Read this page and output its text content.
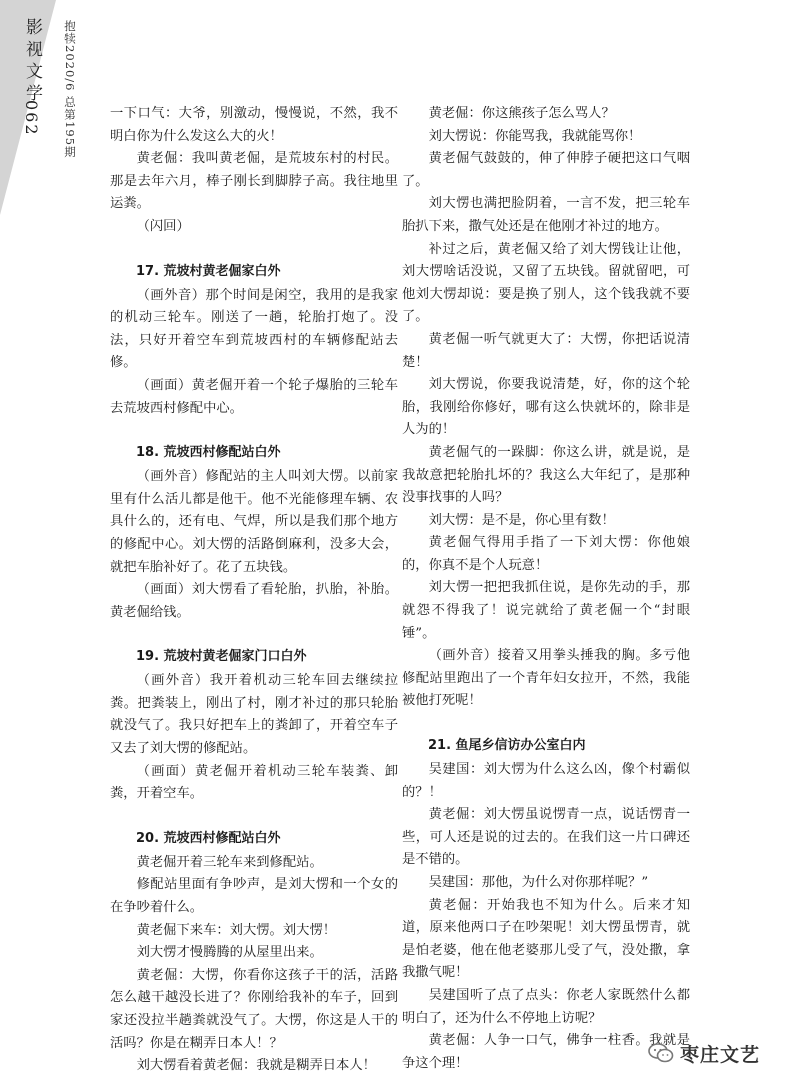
影视文学
062 抱犊2020/6 总第195期 一下口气：大爷，别激动，慢慢说，不然，我不明白你为什么发这么大的火！

黄老倔：我叫黄老倔，是荒坡东村的村民。那是去年六月，棒子刚长到脚脖子高。我往地里运粪。

（闪回）

17. 荒坡村黄老倔家白外

（画外音）那个时间是闲空，我用的是我家的机动三轮车。刚送了一趟，轮胎打炮了。没法，只好开着空车到荒坡西村的车辆修配站去修。

（画面）黄老倔开着一个轮子爆胎的三轮车去荒坡西村修配中心。

18. 荒坡西村修配站白外

（画外音）修配站的主人叫刘大愣。以前家里有什么活儿都是他干。他不光能修理车辆、农具什么的，还有电、气焊，所以是我们那个地方的修配中心。刘大愣的活路倒麻利，没多大会，就把车胎补好了。花了五块钱。

（画面）刘大愣看了看轮胎，扒胎，补胎。黄老倔给钱。

19. 荒坡村黄老倔家门口白外

（画外音）我开着机动三轮车回去继续拉粪。把粪装上，刚出了村，刚才补过的那只轮胎就没气了。我只好把车上的粪卸了，开着空车子又去了刘大愣的修配站。

（画面）黄老倔开着机动三轮车装粪、卸粪，开着空车。

20. 荒坡西村修配站白外

黄老倔开着三轮车来到修配站。

修配站里面有争吵声，是刘大愣和一个女的在争吵着什么。

黄老倔下来车：刘大愣。刘大愣！

刘大愣才慢腾腾的从屋里出来。

黄老倔：大愣，你看你这孩子干的活，活路怎么越干越没长进了？你刚给我补的车子，回到家还没拉半趟粪就没气了。大愣，你这是人干的活吗？你是在糊弄日本人！？

刘大愣看着黄老倔：我就是糊弄日本人！

黄老倔：你这熊孩子怎么骂人？

刘大愣说：你能骂我，我就能骂你！

黄老倔气鼓鼓的，伸了伸脖子硬把这口气咽了。

刘大愣也满把脸阴着，一言不发，把三轮车胎扒下来，撒气处还是在他刚才补过的地方。

补过之后，黄老倔又给了刘大愣钱让让他，刘大愣啥话没说，又留了五块钱。留就留吧，可他刘大愣却说：要是换了别人，这个钱我就不要了。

黄老倔一听气就更大了：大愣，你把话说清楚！

刘大愣说，你要我说清楚，好，你的这个轮胎，我刚给你修好，哪有这么快就坏的，除非是人为的！

黄老倔气的一跺脚：你这么讲，就是说，是我故意把轮胎扎坏的？我这么大年纪了，是那种没事找事的人吗？

刘大愣：是不是，你心里有数！

黄老倔气得用手指了一下刘大愣：你他娘的，你真不是个人玩意！

刘大愣一把把我抓住说，是你先动的手，那就怨不得我了！说完就给了黄老倔一个“封眼锤”。

（画外音）接着又用拳头捶我的胸。多亏他修配站里跑出了一个青年妇女拉开，不然，我能被他打死呢！

21. 鱼尾乡信访办公室白内

吴建国：刘大愣为什么这么凶，像个村霸似的？！

黄老倔：刘大愣虽说愣青一点，说话愣青一些，可人还是说的过去的。在我们这一片口碑还是不错的。

吴建国：那他，为什么对你那样呢？”

黄老倔：开始我也不知为什么。后来才知道，原来他两口子在吵架呢！刘大愣虽愣青，就是怕老婆，他在他老婆那儿受了气，没处撒，拿我撒气呢！

吴建国听了点了点头：你老人家既然什么都明白了，还为什么不停地上访呢？

黄老倔：人争一口气，佛争一柱香。我就是争这个理！	枣庄文艺
